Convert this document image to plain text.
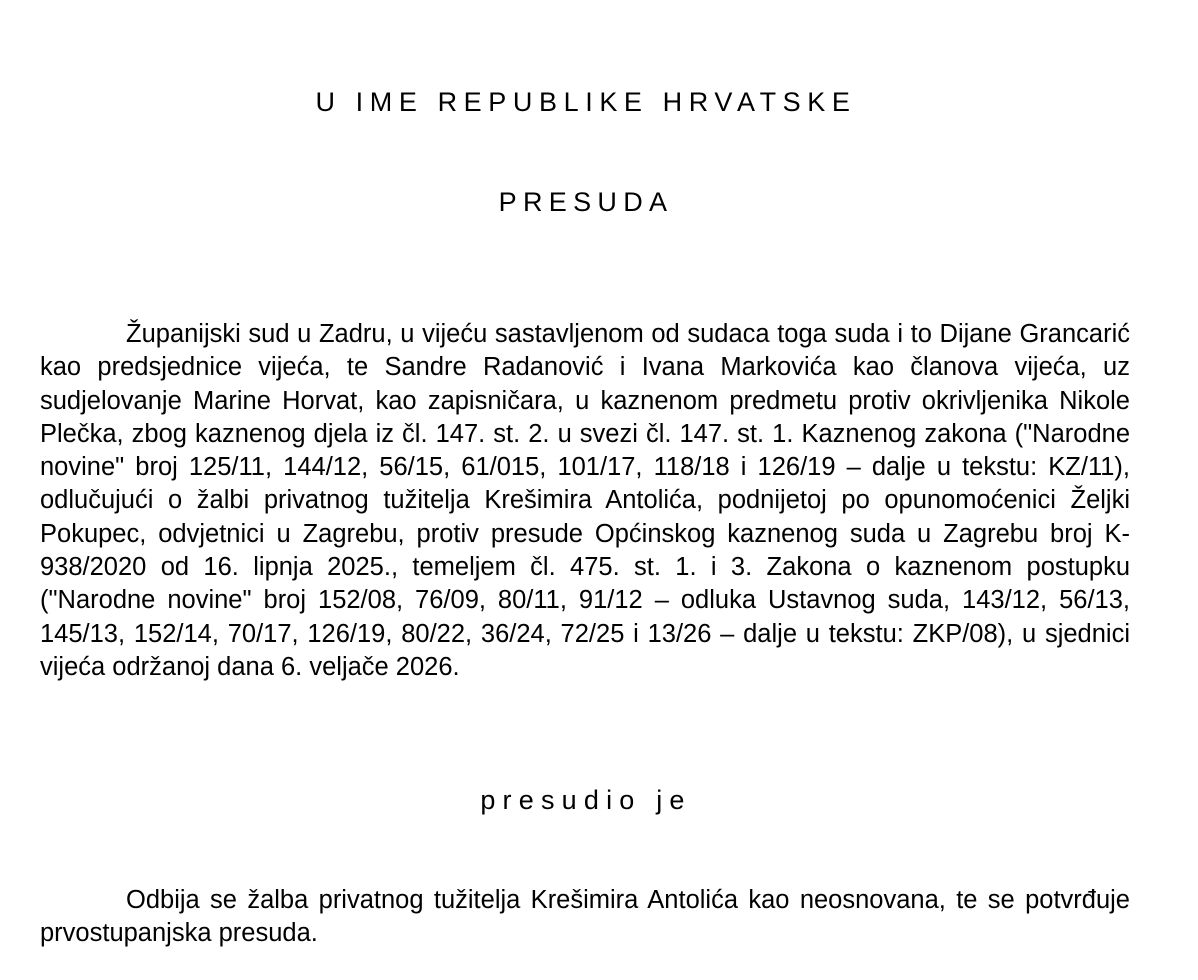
U IME REPUBLIKE HRVATSKE
PRESUDA

Županijski sud u Zadru, u vijeću sastavljenom od sudaca toga suda i to Dijane Grancarić kao predsjednice vijeća, te Sandre Radanović i Ivana Markovića kao članova vijeća, uz sudjelovanje Marine Horvat, kao zapisničara, u kaznenom predmetu protiv okrivljenika Nikole Plečka, zbog kaznenog djela iz čl. 147. st. 2. u svezi čl. 147. st. 1. Kaznenog zakona ("Narodne novine" broj 125/11, 144/12, 56/15, 61/015, 101/17, 118/18 i 126/19 – dalje u tekstu: KZ/11), odlučujući o žalbi privatnog tužitelja Krešimira Antolića, podnijetoj po opunomoćenici Željki Pokupec, odvjetnici u Zagrebu, protiv presude Općinskog kaznenog suda u Zagrebu broj K-938/2020 od 16. lipnja 2025., temeljem čl. 475. st. 1. i 3. Zakona o kaznenom postupku ("Narodne novine" broj 152/08, 76/09, 80/11, 91/12 – odluka Ustavnog suda, 143/12, 56/13, 145/13, 152/14, 70/17, 126/19, 80/22, 36/24, 72/25 i 13/26 – dalje u tekstu: ZKP/08), u sjednici vijeća održanoj dana 6. veljače 2026.

presudio je

Odbija se žalba privatnog tužitelja Krešimira Antolića kao neosnovana, te se potvrđuje prvostupanjska presuda.
